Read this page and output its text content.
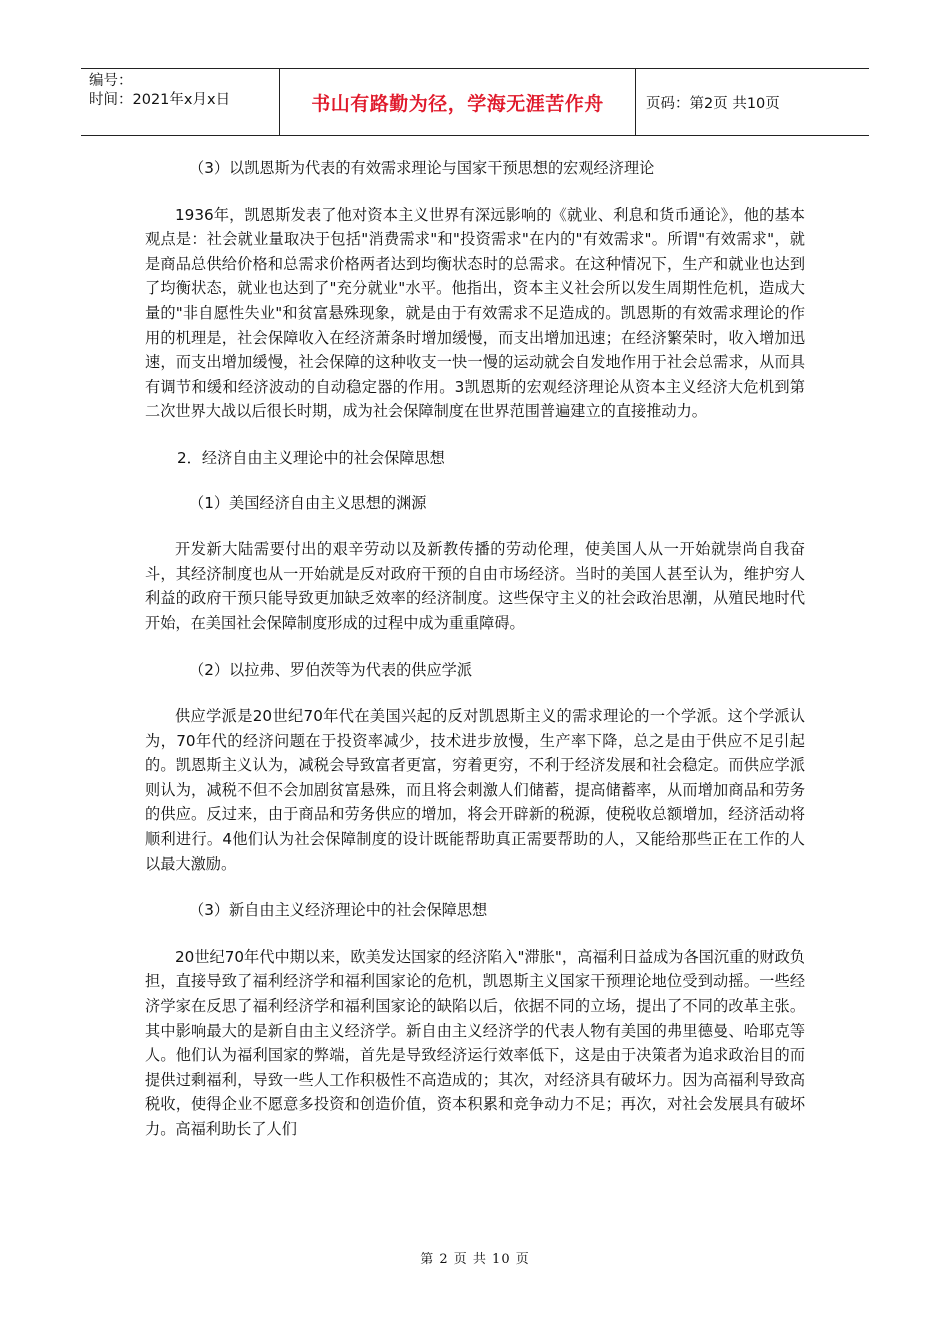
编号：
时间：2021年x月x日	书山有路勤为径，学海无涯苦作舟	页码：第2页 共10页

（3）以凯恩斯为代表的有效需求理论与国家干预思想的宏观经济理论

1936年，凯恩斯发表了他对资本主义世界有深远影响的《就业、利息和货币通论》，他的基本观点是：社会就业量取决于包括"消费需求"和"投资需求"在内的"有效需求"。所谓"有效需求"，就是商品总供给价格和总需求价格两者达到均衡状态时的总需求。在这种情况下，生产和就业也达到了均衡状态，就业也达到了"充分就业"水平。他指出，资本主义社会所以发生周期性危机，造成大量的"非自愿性失业"和贫富悬殊现象，就是由于有效需求不足造成的。凯恩斯的有效需求理论的作用的机理是，社会保障收入在经济萧条时增加缓慢，而支出增加迅速；在经济繁荣时，收入增加迅速，而支出增加缓慢，社会保障的这种收支一快一慢的运动就会自发地作用于社会总需求，从而具有调节和缓和经济波动的自动稳定器的作用。3凯恩斯的宏观经济理论从资本主义经济大危机到第二次世界大战以后很长时期，成为社会保障制度在世界范围普遍建立的直接推动力。

2．经济自由主义理论中的社会保障思想

（1）美国经济自由主义思想的渊源

开发新大陆需要付出的艰辛劳动以及新教传播的劳动伦理，使美国人从一开始就崇尚自我奋斗，其经济制度也从一开始就是反对政府干预的自由市场经济。当时的美国人甚至认为，维护穷人利益的政府干预只能导致更加缺乏效率的经济制度。这些保守主义的社会政治思潮，从殖民地时代开始，在美国社会保障制度形成的过程中成为重重障碍。

（2）以拉弗、罗伯茨等为代表的供应学派

供应学派是20世纪70年代在美国兴起的反对凯恩斯主义的需求理论的一个学派。这个学派认为，70年代的经济问题在于投资率减少，技术进步放慢，生产率下降，总之是由于供应不足引起的。凯恩斯主义认为，减税会导致富者更富，穷着更穷，不利于经济发展和社会稳定。而供应学派则认为，减税不但不会加剧贫富悬殊，而且将会刺激人们储蓄，提高储蓄率，从而增加商品和劳务的供应。反过来，由于商品和劳务供应的增加，将会开辟新的税源，使税收总额增加，经济活动将顺利进行。4他们认为社会保障制度的设计既能帮助真正需要帮助的人，又能给那些正在工作的人以最大激励。

（3）新自由主义经济理论中的社会保障思想

20世纪70年代中期以来，欧美发达国家的经济陷入"滞胀"，高福利日益成为各国沉重的财政负担，直接导致了福利经济学和福利国家论的危机，凯恩斯主义国家干预理论地位受到动摇。一些经济学家在反思了福利经济学和福利国家论的缺陷以后，依据不同的立场，提出了不同的改革主张。其中影响最大的是新自由主义经济学。新自由主义经济学的代表人物有美国的弗里德曼、哈耶克等人。他们认为福利国家的弊端，首先是导致经济运行效率低下，这是由于决策者为追求政治目的而提供过剩福利，导致一些人工作积极性不高造成的；其次，对经济具有破坏力。因为高福利导致高税收，使得企业不愿意多投资和创造价值，资本积累和竞争动力不足；再次，对社会发展具有破坏力。高福利助长了人们

第 2 页 共 10 页
